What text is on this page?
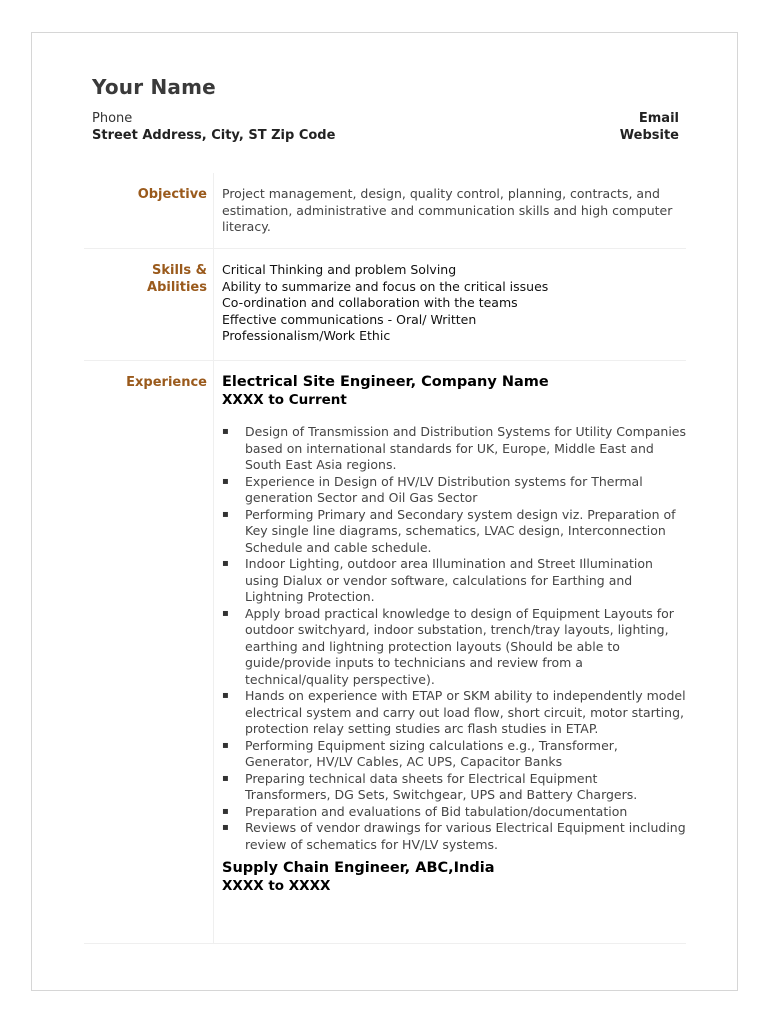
Your Name
Phone
Street Address, City, ST Zip Code
Email
Website
Objective	Project management, design, quality control, planning, contracts, and estimation, administrative and communication skills and high computer literacy.
Skills &
Abilities
Critical Thinking and problem Solving
Ability to summarize and focus on the critical issues
Co-ordination and collaboration with the teams
Effective communications - Oral/ Written
Professionalism/Work Ethic
Experience	Electrical Site Engineer, Company Name
XXXX to Current
▪ Design of Transmission and Distribution Systems for Utility Companies based on international standards for UK, Europe, Middle East and South East Asia regions.
▪ Experience in Design of HV/LV Distribution systems for Thermal generation Sector and Oil Gas Sector
▪ Performing Primary and Secondary system design viz. Preparation of Key single line diagrams, schematics, LVAC design, Interconnection Schedule and cable schedule.
▪ Indoor Lighting, outdoor area Illumination and Street Illumination using Dialux or vendor software, calculations for Earthing and Lightning Protection.
▪ Apply broad practical knowledge to design of Equipment Layouts for outdoor switchyard, indoor substation, trench/tray layouts, lighting, earthing and lightning protection layouts (Should be able to guide/provide inputs to technicians and review from a technical/quality perspective).
▪ Hands on experience with ETAP or SKM ability to independently model electrical system and carry out load flow, short circuit, motor starting, protection relay setting studies arc flash studies in ETAP.
▪ Performing Equipment sizing calculations e.g., Transformer, Generator, HV/LV Cables, AC UPS, Capacitor Banks
▪ Preparing technical data sheets for Electrical Equipment Transformers, DG Sets, Switchgear, UPS and Battery Chargers.
▪ Preparation and evaluations of Bid tabulation/documentation
▪ Reviews of vendor drawings for various Electrical Equipment including review of schematics for HV/LV systems.
Supply Chain Engineer, ABC,India
XXXX to XXXX
